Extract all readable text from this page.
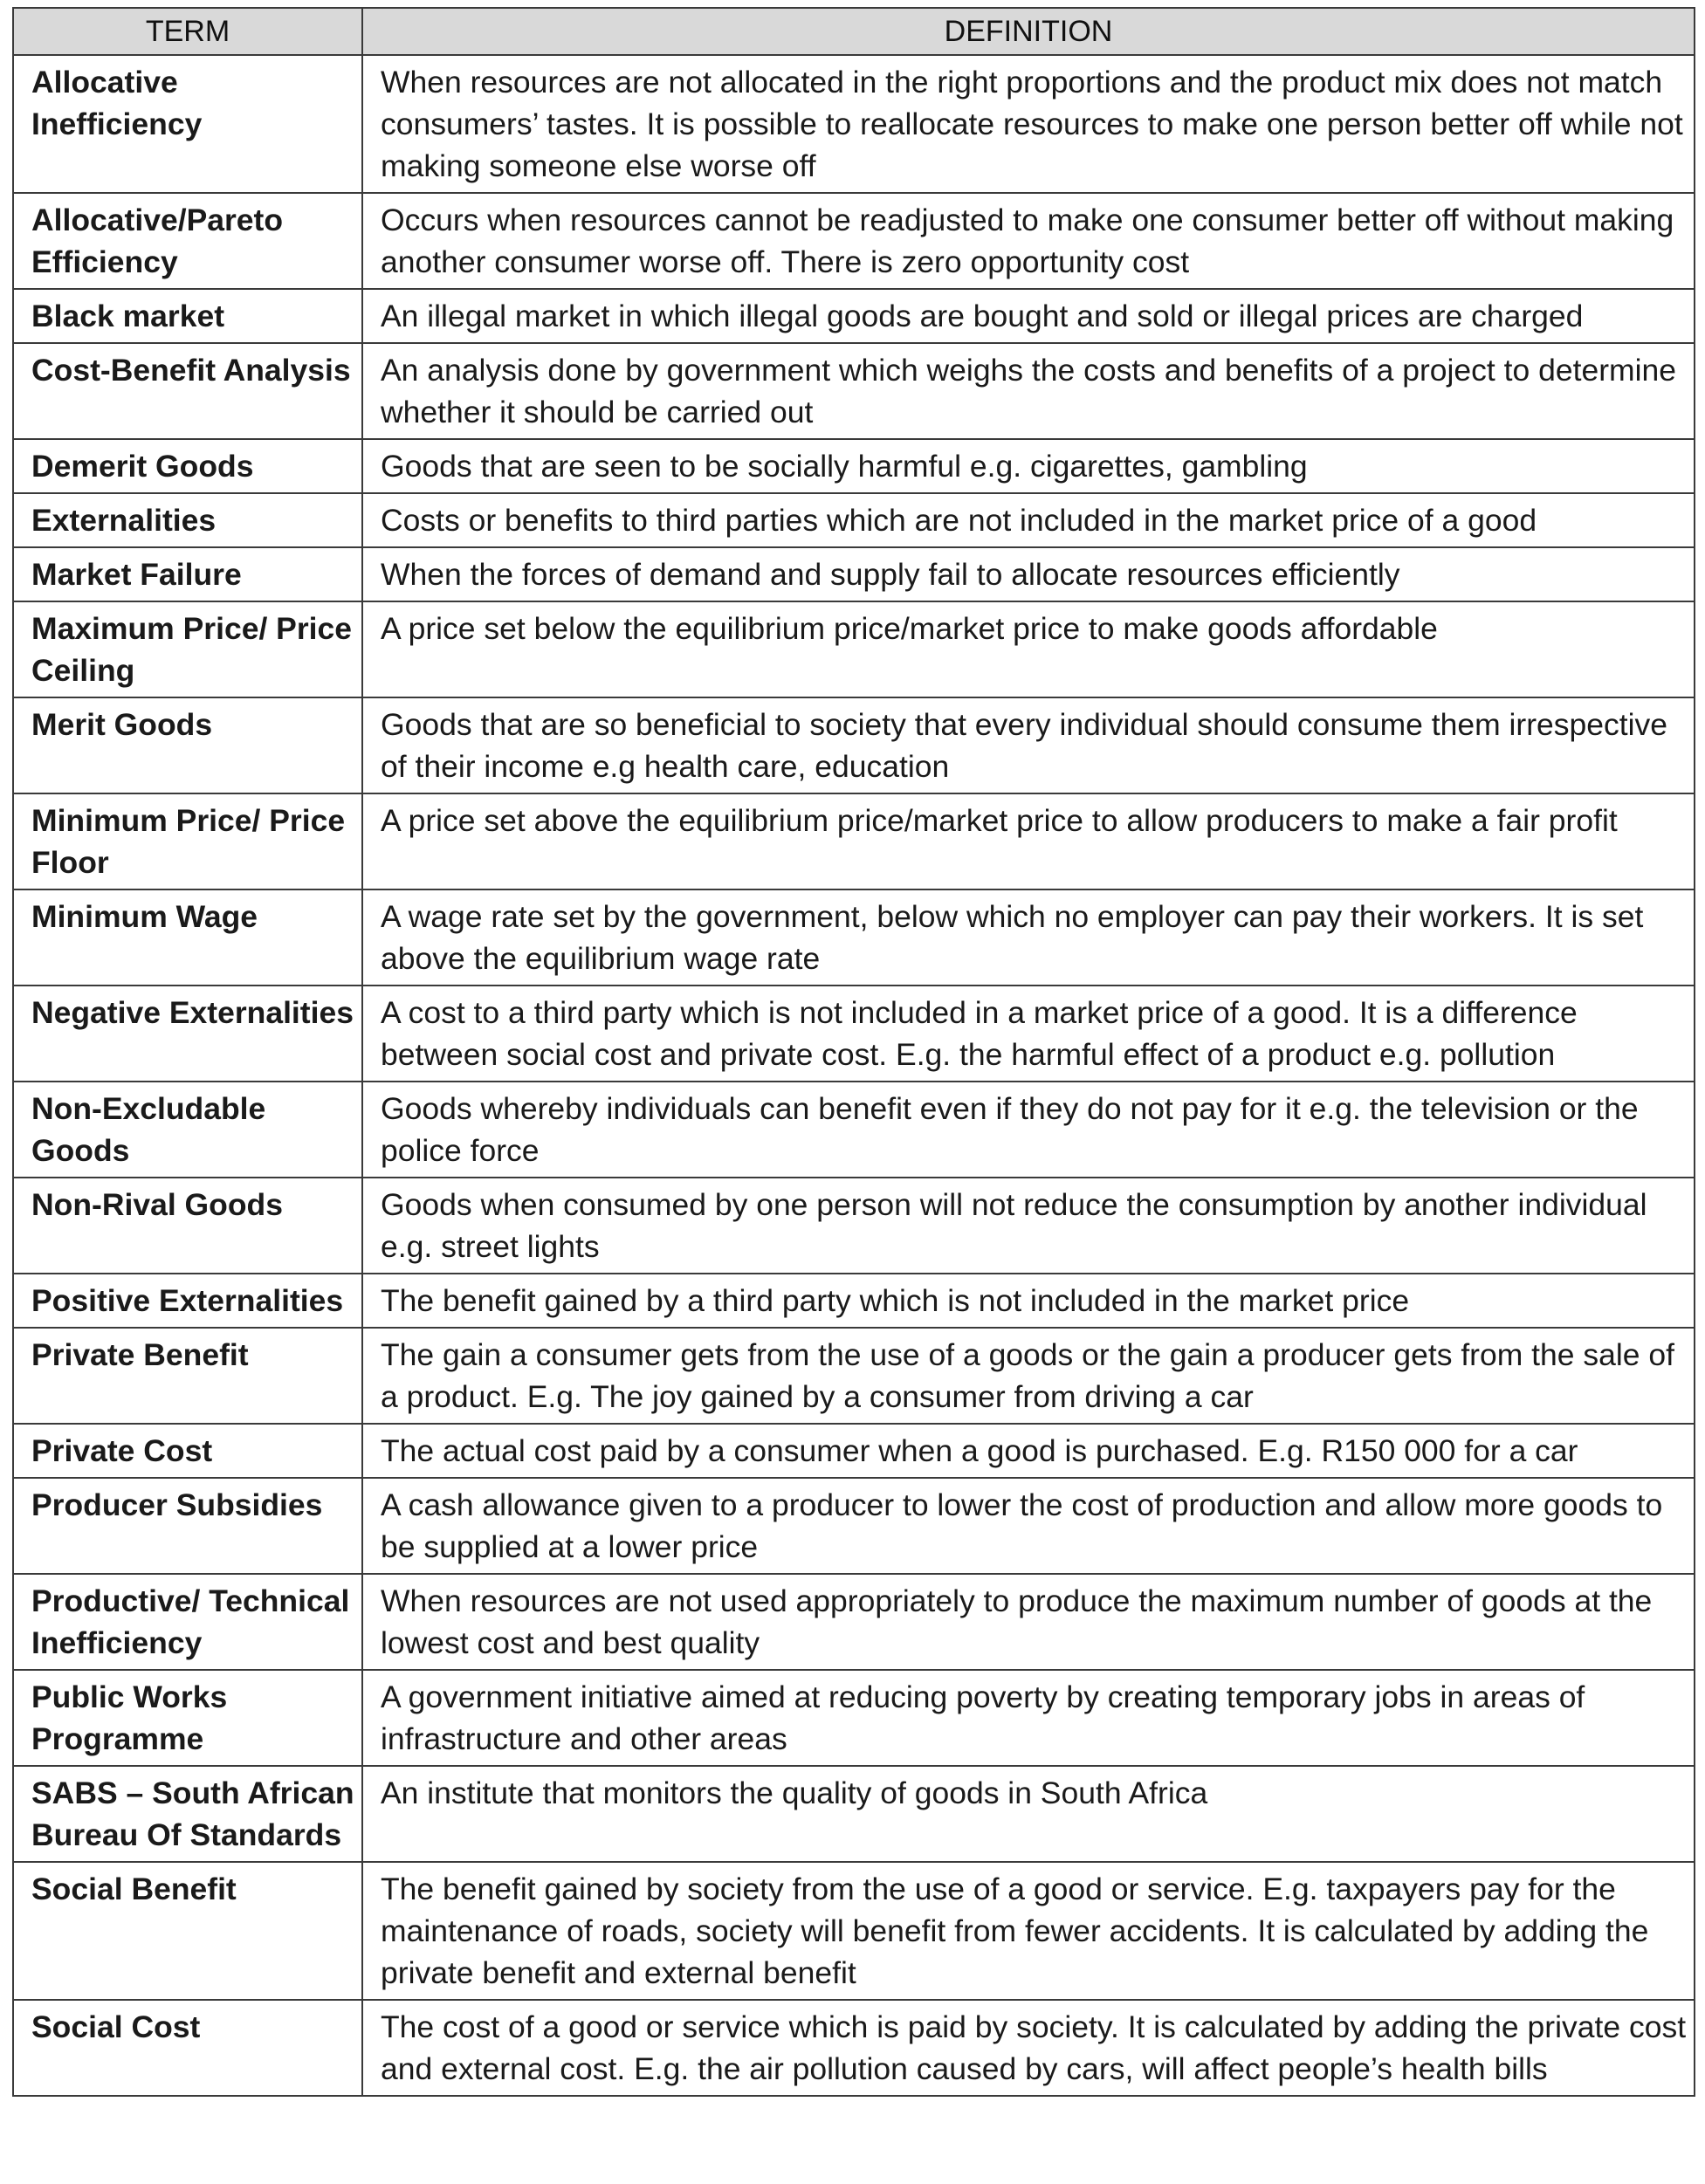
TERM	DEFINITION
Allocative Inefficiency	When resources are not allocated in the right proportions and the product mix does not match consumers’ tastes. It is possible to reallocate resources to make one person better off while not making someone else worse off
Allocative/Pareto Efficiency	Occurs when resources cannot be readjusted to make one consumer better off without making another consumer worse off. There is zero opportunity cost
Black market	An illegal market in which illegal goods are bought and sold or illegal prices are charged
Cost-Benefit Analysis	An analysis done by government which weighs the costs and benefits of a project to determine whether it should be carried out
Demerit Goods	Goods that are seen to be socially harmful e.g. cigarettes, gambling
Externalities	Costs or benefits to third parties which are not included in the market price of a good
Market Failure	When the forces of demand and supply fail to allocate resources efficiently
Maximum Price/ Price Ceiling	A price set below the equilibrium price/market price to make goods affordable
Merit Goods	Goods that are so beneficial to society that every individual should consume them irrespective of their income e.g health care, education
Minimum Price/ Price Floor	A price set above the equilibrium price/market price to allow producers to make a fair profit
Minimum Wage	A wage rate set by the government, below which no employer can pay their workers. It is set above the equilibrium wage rate
Negative Externalities	A cost to a third party which is not included in a market price of a good. It is a difference between social cost and private cost. E.g. the harmful effect of a product e.g. pollution
Non-Excludable Goods	Goods whereby individuals can benefit even if they do not pay for it e.g. the television or the police force
Non-Rival Goods	Goods when consumed by one person will not reduce the consumption by another individual e.g. street lights
Positive Externalities	The benefit gained by a third party which is not included in the market price
Private Benefit	The gain a consumer gets from the use of a goods or the gain a producer gets from the sale of a product. E.g. The joy gained by a consumer from driving a car
Private Cost	The actual cost paid by a consumer when a good is purchased. E.g. R150 000 for a car
Producer Subsidies	A cash allowance given to a producer to lower the cost of production and allow more goods to be supplied at a lower price
Productive/ Technical Inefficiency	When resources are not used appropriately to produce the maximum number of goods at the lowest cost and best quality
Public Works Programme	A government initiative aimed at reducing poverty by creating temporary jobs in areas of infrastructure and other areas
SABS – South African Bureau Of Standards	An institute that monitors the quality of goods in South Africa
Social Benefit	The benefit gained by society from the use of a good or service. E.g. taxpayers pay for the maintenance of roads, society will benefit from fewer accidents. It is calculated by adding the private benefit and external benefit
Social Cost	The cost of a good or service which is paid by society. It is calculated by adding the private cost and external cost. E.g. the air pollution caused by cars, will affect people’s health bills
